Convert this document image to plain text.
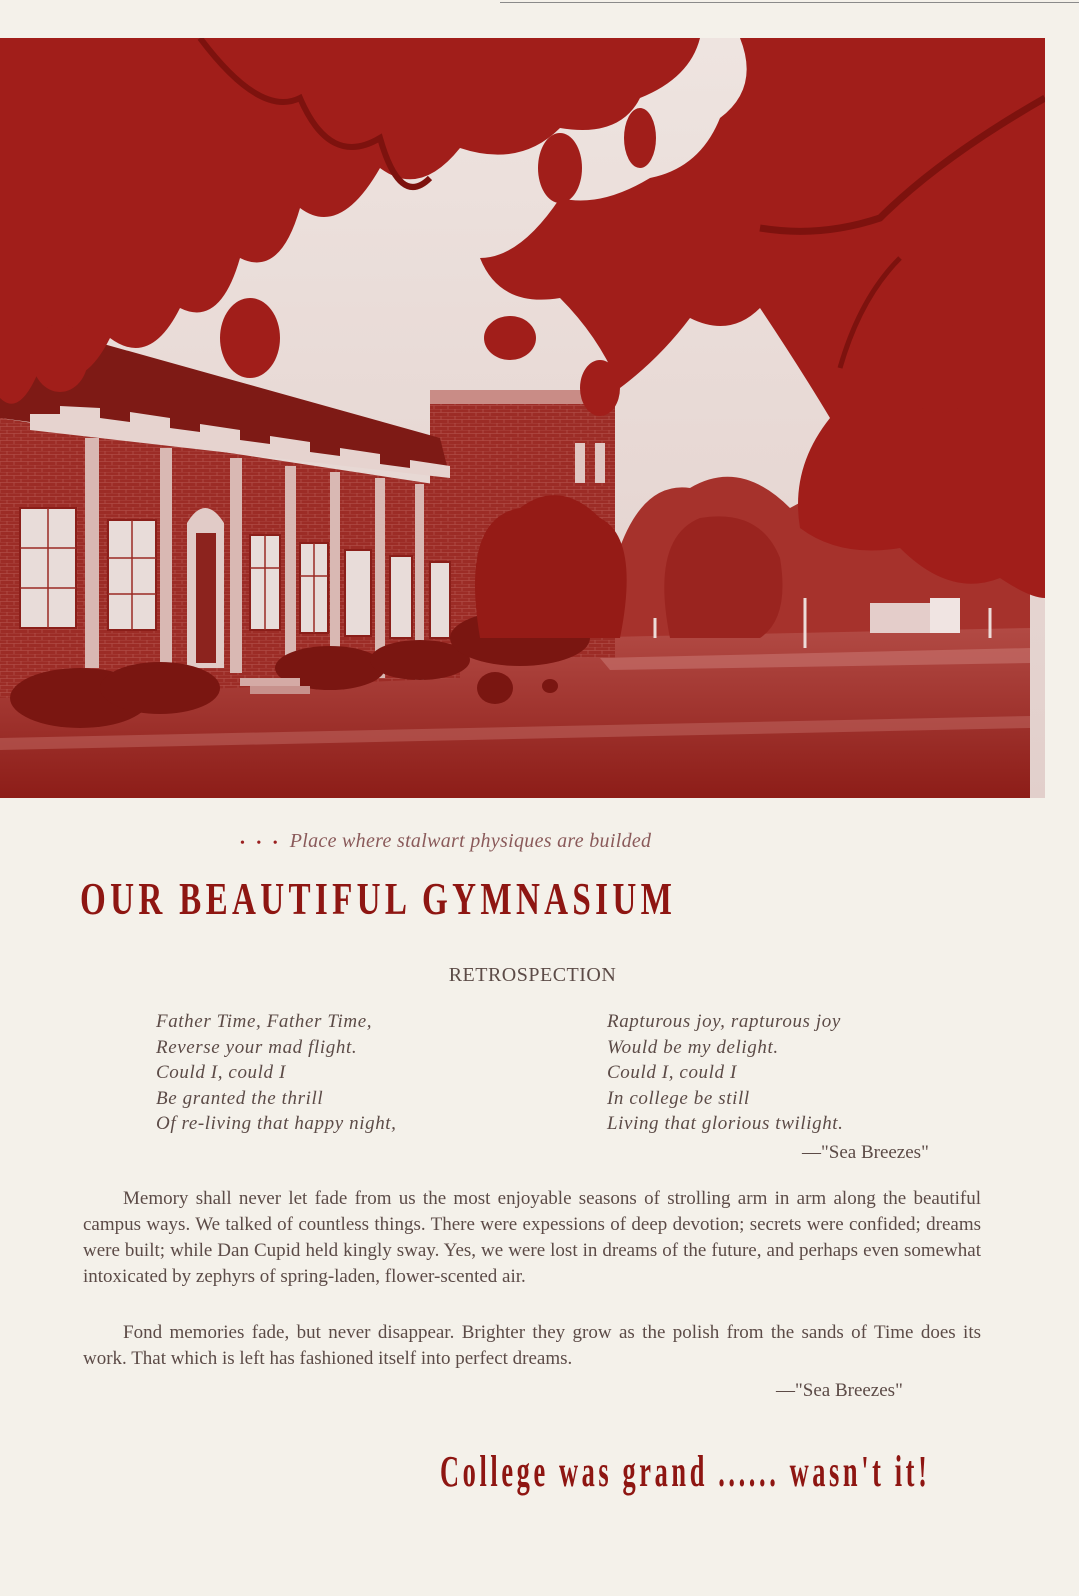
• • • Place where stalwart physiques are builded
OUR BEAUTIFUL GYMNASIUM
RETROSPECTION
Father Time, Father Time,
Reverse your mad flight.
Could I, could I
Be granted the thrill
Of re-living that happy night,
Rapturous joy, rapturous joy
Would be my delight.
Could I, could I
In college be still
Living that glorious twilight.
—"Sea Breezes"

Memory shall never let fade from us the most enjoyable seasons of strolling arm in arm along the beautiful campus ways. We talked of countless things. There were expessions of deep devotion; secrets were confided; dreams were built; while Dan Cupid held kingly sway. Yes, we were lost in dreams of the future, and perhaps even somewhat intoxicated by zephyrs of spring-laden, flower-scented air.

Fond memories fade, but never disappear. Brighter they grow as the polish from the sands of Time does its work. That which is left has fashioned itself into perfect dreams.

—"Sea Breezes"
College was grand ...... wasn't it!
